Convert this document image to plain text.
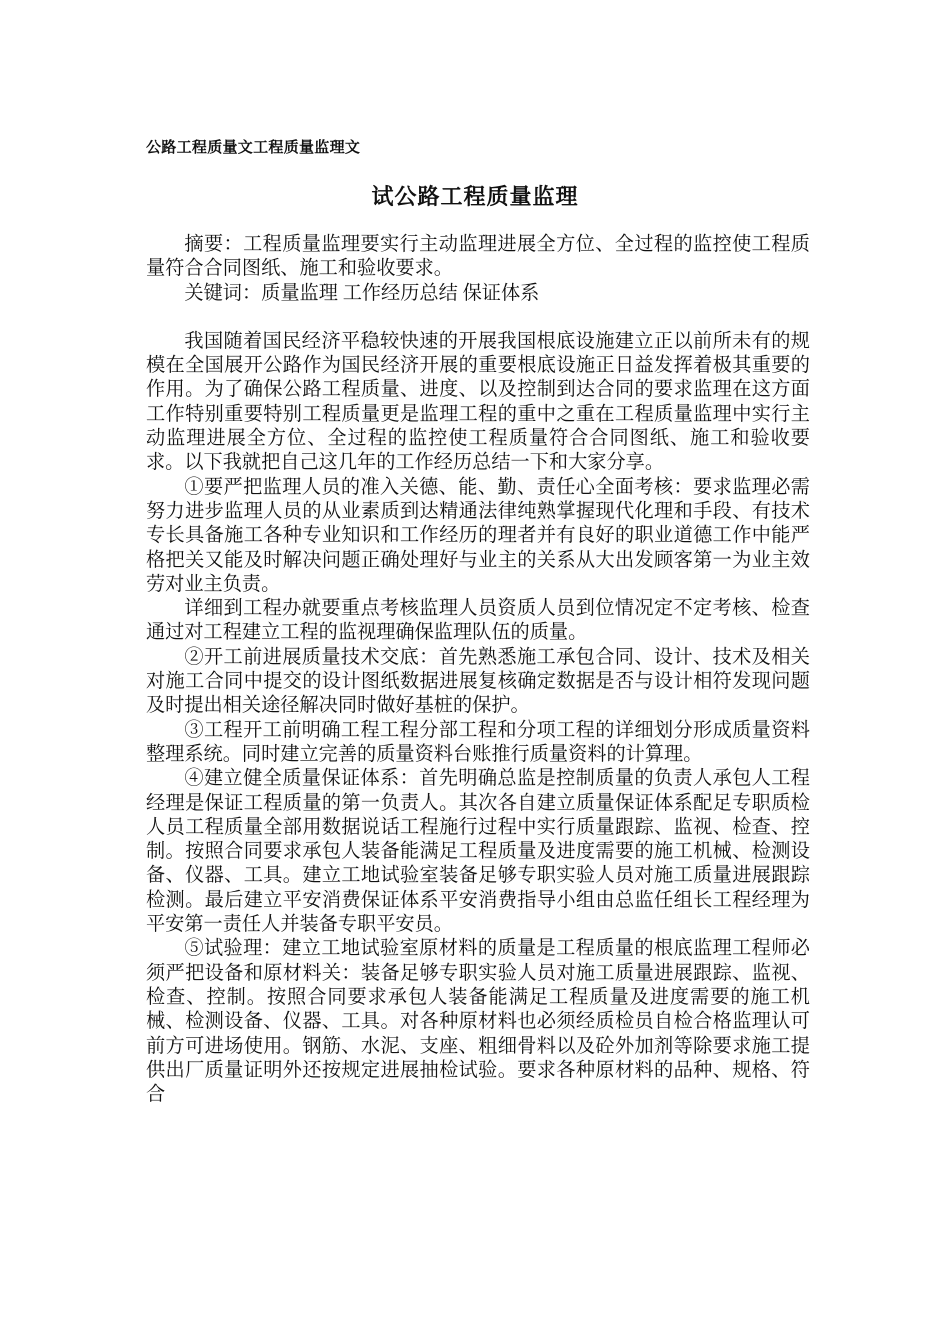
公路工程质量文工程质量监理文
试公路工程质量监理

摘要：工程质量监理要实行主动监理进展全方位、全过程的监控使工程质量符合合同图纸、施工和验收要求。

关键词：质量监理 工作经历总结 保证体系

我国随着国民经济平稳较快速的开展我国根底设施建立正以前所未有的规模在全国展开公路作为国民经济开展的重要根底设施正日益发挥着极其重要的作用。为了确保公路工程质量、进度、以及控制到达合同的要求监理在这方面工作特别重要特别工程质量更是监理工程的重中之重在工程质量监理中实行主动监理进展全方位、全过程的监控使工程质量符合合同图纸、施工和验收要求。以下我就把自己这几年的工作经历总结一下和大家分享。

①要严把监理人员的准入关德、能、勤、责任心全面考核：要求监理必需努力进步监理人员的从业素质到达精通法律纯熟掌握现代化理和手段、有技术专长具备施工各种专业知识和工作经历的理者并有良好的职业道德工作中能严格把关又能及时解决问题正确处理好与业主的关系从大出发顾客第一为业主效劳对业主负责。

详细到工程办就要重点考核监理人员资质人员到位情况定不定考核、检查通过对工程建立工程的监视理确保监理队伍的质量。

②开工前进展质量技术交底：首先熟悉施工承包合同、设计、技术及相关对施工合同中提交的设计图纸数据进展复核确定数据是否与设计相符发现问题及时提出相关途径解决同时做好基桩的保护。

③工程开工前明确工程工程分部工程和分项工程的详细划分形成质量资料整理系统。同时建立完善的质量资料台账推行质量资料的计算理。

④建立健全质量保证体系：首先明确总监是控制质量的负责人承包人工程经理是保证工程质量的第一负责人。其次各自建立质量保证体系配足专职质检人员工程质量全部用数据说话工程施行过程中实行质量跟踪、监视、检查、控制。按照合同要求承包人装备能满足工程质量及进度需要的施工机械、检测设备、仪器、工具。建立工地试验室装备足够专职实验人员对施工质量进展跟踪检测。最后建立平安消费保证体系平安消费指导小组由总监任组长工程经理为平安第一责任人并装备专职平安员。

⑤试验理：建立工地试验室原材料的质量是工程质量的根底监理工程师必须严把设备和原材料关：装备足够专职实验人员对施工质量进展跟踪、监视、检查、控制。按照合同要求承包人装备能满足工程质量及进度需要的施工机械、检测设备、仪器、工具。对各种原材料也必须经质检员自检合格监理认可前方可进场使用。钢筋、水泥、支座、粗细骨料以及砼外加剂等除要求施工提供出厂质量证明外还按规定进展抽检试验。要求各种原材料的品种、规格、符合
